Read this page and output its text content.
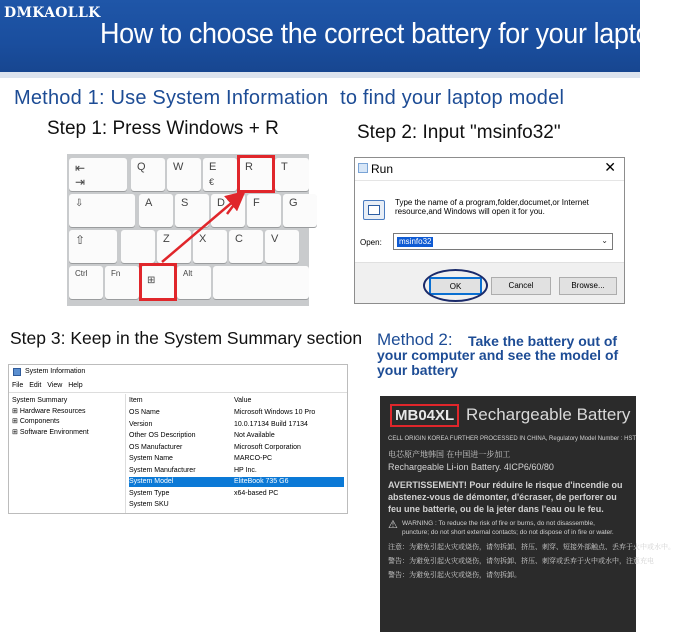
DMKAOLLK
How to choose the correct battery for your laptop?
Method 1: Use System Information to find your laptop model
Step 1: Press Windows + R	Step 2: Input "msinfo32"
⇤
⇥
Q	W	E
€
R	T
⇩	A	S	D	F	G
⇧	Z	X	C	V
Ctrl	Fn
⊞
Alt
Run	✕
Type the name of a program,folder,documet,or Internet resource,and Windows will open it for you.
Open: msinfo32	⌄
OK	Cancel	Browse...
Step 3: Keep in the System Summary section
System Information
File Edit View Help
System Summary
⊞ Hardware Resources
⊞ Components
⊞ Software Environment
Item	Value
OS Name	Microsoft Windows 10 Pro
Version	10.0.17134 Build 17134
Other OS Description	Not Available
OS Manufacturer	Microsoft Corporation
System Name	MARCO-PC
System Manufacturer	HP Inc.
System Model	EliteBook 735 G6
System Type	x64-based PC
System SKU
Method 2: Take the battery out of
your computer and see the model of
your battery
MB04XL Rechargeable Battery
CELL ORIGIN KOREA FURTHER PROCESSED IN CHINA, Regulatory Model Number : HST
电芯原产地韩国 在中国进一步加工
Rechargeable Li-ion Battery. 4ICP6/60/80
AVERTISSEMENT! Pour réduire le risque d'incendie ou
abstenez-vous de démonter, d'écraser, de perforer ou
feu une batterie, ou de la jeter dans l'eau ou le feu.
⚠ WARNING : To reduce the risk of fire or burns, do not disassemble,
puncture; do not short external contacts; do not dispose of in fire or water.
注意：为避免引起火灾或烧伤，请勿拆卸、挤压、刺穿、短接外部触点、丢弃于火中或水中。
警告：为避免引起火灾或烧伤，请勿拆卸、挤压、刺穿或丢弃于火中或水中，注意充电
警告：为避免引起火灾或烧伤，请勿拆卸。
